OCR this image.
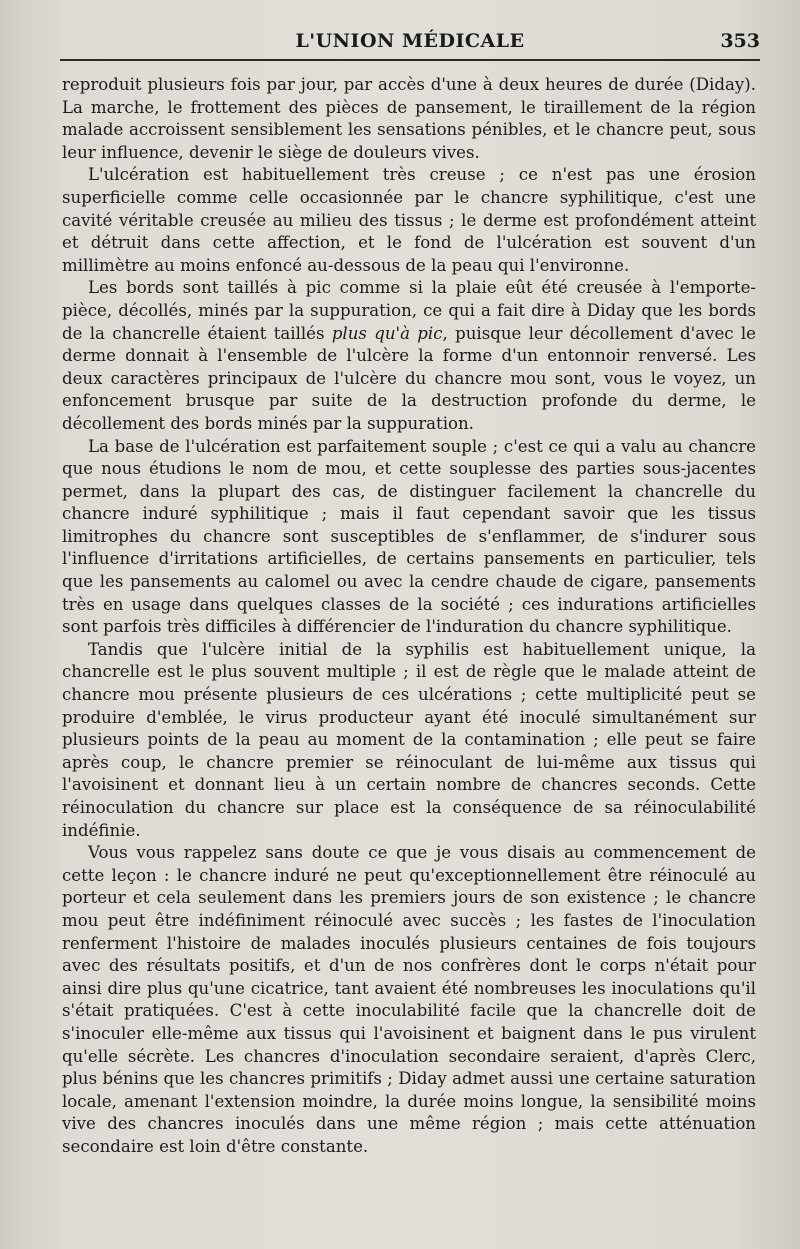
L'UNION MÉDICALE	353

reproduit plusieurs fois par jour, par accès d'une à deux heures de durée (Diday). La marche, le frottement des pièces de pansement, le tiraillement de la région malade accroissent sensiblement les sensations pénibles, et le chancre peut, sous leur influence, devenir le siège de douleurs vives.

L'ulcération est habituellement très creuse ; ce n'est pas une érosion superficielle comme celle occasionnée par le chancre syphilitique, c'est une cavité véritable creusée au milieu des tissus ; le derme est profondément atteint et détruit dans cette affection, et le fond de l'ulcération est souvent d'un millimètre au moins enfoncé au-dessous de la peau qui l'environne.

Les bords sont taillés à pic comme si la plaie eût été creusée à l'emporte-pièce, décollés, minés par la suppuration, ce qui a fait dire à Diday que les bords de la chancrelle étaient taillés plus qu'à pic, puisque leur décollement d'avec le derme donnait à l'ensemble de l'ulcère la forme d'un entonnoir renversé. Les deux caractères principaux de l'ulcère du chancre mou sont, vous le voyez, un enfoncement brusque par suite de la destruction profonde du derme, le décollement des bords minés par la suppuration.

La base de l'ulcération est parfaitement souple ; c'est ce qui a valu au chancre que nous étudions le nom de mou, et cette souplesse des parties sous-jacentes permet, dans la plupart des cas, de distinguer facilement la chancrelle du chancre induré syphilitique ; mais il faut cependant savoir que les tissus limitrophes du chancre sont susceptibles de s'enflammer, de s'indurer sous l'influence d'irritations artificielles, de certains pansements en particulier, tels que les pansements au calomel ou avec la cendre chaude de cigare, pansements très en usage dans quelques classes de la société ; ces indurations artificielles sont parfois très difficiles à différencier de l'induration du chancre syphilitique.

Tandis que l'ulcère initial de la syphilis est habituellement unique, la chancrelle est le plus souvent multiple ; il est de règle que le malade atteint de chancre mou présente plusieurs de ces ulcérations ; cette multiplicité peut se produire d'emblée, le virus producteur ayant été inoculé simultanément sur plusieurs points de la peau au moment de la contamination ; elle peut se faire après coup, le chancre premier se réinoculant de lui-même aux tissus qui l'avoisinent et donnant lieu à un certain nombre de chancres seconds. Cette réinoculation du chancre sur place est la conséquence de sa réinoculabilité indéfinie.

Vous vous rappelez sans doute ce que je vous disais au commencement de cette leçon : le chancre induré ne peut qu'exceptionnellement être réinoculé au porteur et cela seulement dans les premiers jours de son existence ; le chancre mou peut être indéfiniment réinoculé avec succès ; les fastes de l'inoculation renferment l'histoire de malades inoculés plusieurs centaines de fois toujours avec des résultats positifs, et d'un de nos confrères dont le corps n'était pour ainsi dire plus qu'une cicatrice, tant avaient été nombreuses les inoculations qu'il s'était pratiquées. C'est à cette inoculabilité facile que la chancrelle doit de s'inoculer elle-même aux tissus qui l'avoisinent et baignent dans le pus virulent qu'elle sécrète. Les chancres d'inoculation secondaire seraient, d'après Clerc, plus bénins que les chancres primitifs ; Diday admet aussi une certaine saturation locale, amenant l'extension moindre, la durée moins longue, la sensibilité moins vive des chancres inoculés dans une même région ; mais cette atténuation secondaire est loin d'être constante.
